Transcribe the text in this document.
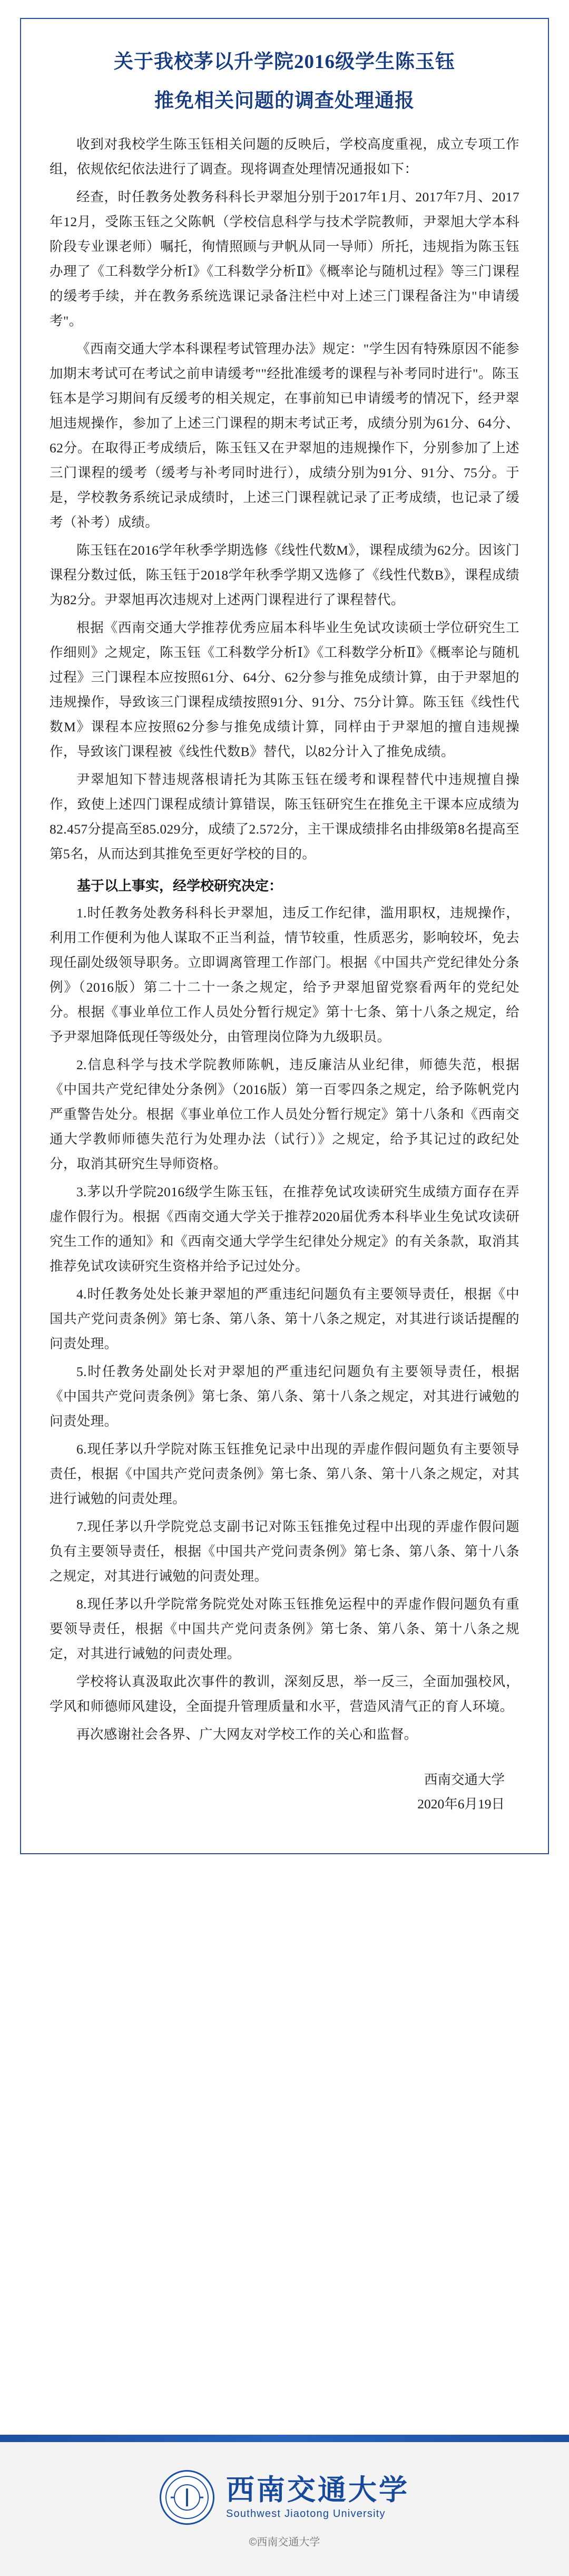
关于我校茅以升学院2016级学生陈玉钰
推免相关问题的调查处理通报

收到对我校学生陈玉钰相关问题的反映后，学校高度重视，成立专项工作组，依规依纪依法进行了调查。现将调查处理情况通报如下：

经查，时任教务处教务科科长尹翠旭分别于2017年1月、2017年7月、2017年12月，受陈玉钰之父陈帆（学校信息科学与技术学院教师，尹翠旭大学本科阶段专业课老师）嘱托，徇情照顾与尹帆从同一导师）所托，违规指为陈玉钰办理了《工科数学分析Ⅰ》《工科数学分析Ⅱ》《概率论与随机过程》等三门课程的缓考手续，并在教务系统选课记录备注栏中对上述三门课程备注为"申请缓考"。

《西南交通大学本科课程考试管理办法》规定："学生因有特殊原因不能参加期末考试可在考试之前申请缓考""经批准缓考的课程与补考同时进行"。陈玉钰本是学习期间有反缓考的相关规定，在事前知已申请缓考的情况下，经尹翠旭违规操作，参加了上述三门课程的期末考试正考，成绩分别为61分、64分、62分。在取得正考成绩后，陈玉钰又在尹翠旭的违规操作下，分别参加了上述三门课程的缓考（缓考与补考同时进行），成绩分别为91分、91分、75分。于是，学校教务系统记录成绩时，上述三门课程就记录了正考成绩，也记录了缓考（补考）成绩。

陈玉钰在2016学年秋季学期选修《线性代数M》，课程成绩为62分。因该门课程分数过低，陈玉钰于2018学年秋季学期又选修了《线性代数B》，课程成绩为82分。尹翠旭再次违规对上述两门课程进行了课程替代。

根据《西南交通大学推荐优秀应届本科毕业生免试攻读硕士学位研究生工作细则》之规定，陈玉钰《工科数学分析Ⅰ》《工科数学分析Ⅱ》《概率论与随机过程》三门课程本应按照61分、64分、62分参与推免成绩计算，由于尹翠旭的违规操作，导致该三门课程成绩按照91分、91分、75分计算。陈玉钰《线性代数M》课程本应按照62分参与推免成绩计算，同样由于尹翠旭的擅自违规操作，导致该门课程被《线性代数B》替代，以82分计入了推免成绩。

尹翠旭知下替违规落根请托为其陈玉钰在缓考和课程替代中违规擅自操作，致使上述四门课程成绩计算错误，陈玉钰研究生在推免主干课本应成绩为82.457分提高至85.029分，成绩了2.572分，主干课成绩排名由排级第8名提高至第5名，从而达到其推免至更好学校的目的。

基于以上事实，经学校研究决定：

1.时任教务处教务科科长尹翠旭，违反工作纪律，滥用职权，违规操作，利用工作便利为他人谋取不正当利益，情节较重，性质恶劣，影响较坏，免去现任副处级领导职务。立即调离管理工作部门。根据《中国共产党纪律处分条例》（2016版）第二十二十一条之规定，给予尹翠旭留党察看两年的党纪处分。根据《事业单位工作人员处分暂行规定》第十七条、第十八条之规定，给予尹翠旭降低现任等级处分，由管理岗位降为九级职员。

2.信息科学与技术学院教师陈帆，违反廉洁从业纪律，师德失范，根据《中国共产党纪律处分条例》（2016版）第一百零四条之规定，给予陈帆党内严重警告处分。根据《事业单位工作人员处分暂行规定》第十八条和《西南交通大学教师师德失范行为处理办法（试行）》之规定，给予其记过的政纪处分，取消其研究生导师资格。

3.茅以升学院2016级学生陈玉钰，在推荐免试攻读研究生成绩方面存在弄虚作假行为。根据《西南交通大学关于推荐2020届优秀本科毕业生免试攻读研究生工作的通知》和《西南交通大学学生纪律处分规定》的有关条款，取消其推荐免试攻读研究生资格并给予记过处分。

4.时任教务处处长兼尹翠旭的严重违纪问题负有主要领导责任，根据《中国共产党问责条例》第七条、第八条、第十八条之规定，对其进行谈话提醒的问责处理。

5.时任教务处副处长对尹翠旭的严重违纪问题负有主要领导责任，根据《中国共产党问责条例》第七条、第八条、第十八条之规定，对其进行诫勉的问责处理。

6.现任茅以升学院对陈玉钰推免记录中出现的弄虚作假问题负有主要领导责任，根据《中国共产党问责条例》第七条、第八条、第十八条之规定，对其进行诫勉的问责处理。

7.现任茅以升学院党总支副书记对陈玉钰推免过程中出现的弄虚作假问题负有主要领导责任，根据《中国共产党问责条例》第七条、第八条、第十八条之规定，对其进行诫勉的问责处理。

8.现任茅以升学院常务院党处对陈玉钰推免运程中的弄虚作假问题负有重要领导责任，根据《中国共产党问责条例》第七条、第八条、第十八条之规定，对其进行诫勉的问责处理。

学校将认真汲取此次事件的教训，深刻反思，举一反三，全面加强校风，学风和师德师风建设，全面提升管理质量和水平，营造风清气正的育人环境。

再次感谢社会各界、广大网友对学校工作的关心和监督。

西南交通大学
2020年6月19日
西南交通大学
Southwest Jiaotong University
©西南交通大学
